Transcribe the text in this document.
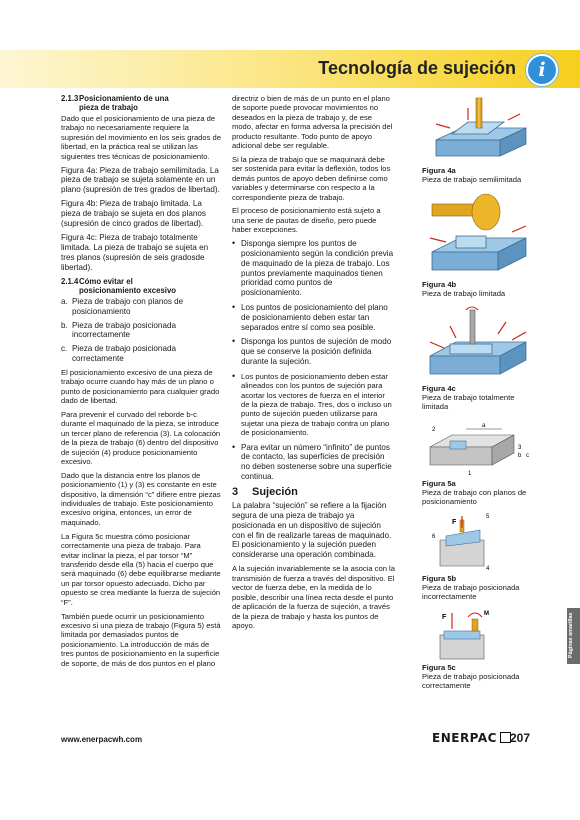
Tecnología de sujeción	i
2.1.3Posicionamiento de una
pieza de trabajo

Dado que el posicionamiento de una pieza de trabajo no necesariamente requiere la supresión del movimiento en los seis grados de libertad, en la práctica real se utilizan las siguientes tres técnicas de posicionamiento.

Figura 4a: Pieza de trabajo semilimitada. La pieza de trabajo se sujeta solamente en un plano (supresión de tres grados de libertad).

Figura 4b: Pieza de trabajo limitada. La pieza de trabajo se sujeta en dos planos (supresión de cinco grados de libertad).

Figura 4c: Pieza de trabajo totalmente limitada. La pieza de trabajo se sujeta en tres planos (supresión de seis gradosde libertad).

2.1.4Cómo evitar el
posicionamiento excesivo
a. Pieza de trabajo con planos de posicionamiento
b. Pieza de trabajo posicionada incorrectamente
c. Pieza de trabajo posicionada correctamente

El posicionamiento excesivo de una pieza de trabajo ocurre cuando hay más de un plano o punto de posicionamiento para cualquier grado dado de libertad.

Para prevenir el curvado del reborde b-c durante el maquinado de la pieza, se introduce un tercer plano de referencia (3). La colocación de la pieza de trabajo (6) dentro del dispositivo de sujeción (4) produce posicionamiento excesivo.

Dado que la distancia entre los planos de posicionamiento (1) y (3) es constante en este dispositivo, la dimensión “c” difiere entre piezas individuales de trabajo. Este posicionamiento excesivo origina, entonces, un error de maquinado.

La Figura 5c muestra cómo posicionar correctamente una pieza de trabajo. Para evitar inclinar la pieza, el par torsor “M” transferido desde ella (5) hacia el cuerpo que será maquinado (6) debe equilibrarse mediante un par torsor opuesto adecuado. Dicho par opuesto se crea mediante la fuerza de sujeción “F”.

También puede ocurrir un posicionamiento excesivo si una pieza de trabajo (Figura 5) está limitada por demasiados puntos de posicionamiento. La introducción de más de tres puntos de posicionamiento en la superficie de soporte, de más de dos puntos en el plano

directriz o bien de más de un punto en el plano de soporte puede provocar movimientos no deseados en la pieza de trabajo y, de ese modo, afectar en forma adversa la precisión del producto resultante. Todo punto de apoyo adicional debe ser regulable.

Si la pieza de trabajo que se maquinará debe ser sostenida para evitar la deflexión, todos los demás puntos de apoyo deben definirse como variables y determinarse con respecto a la correspondiente pieza de trabajo.

El proceso de posicionamiento está sujeto a una serie de pautas de diseño, pero puede haber excepciones.

• Disponga siempre los puntos de posicionamiento según la condición previa de maquinado de la pieza de trabajo. Los puntos previamente maquinados tienen prioridad como puntos de posicionamiento.
• Los puntos de posicionamiento del plano de posicionamiento deben estar tan separados entre sí como sea posible.
• Disponga los puntos de sujeción de modo que se conserve la posición definida durante la sujeción.
• Los puntos de posicionamiento deben estar alineados con los puntos de sujeción para acortar los vectores de fuerza en el interior de la pieza de trabajo. Tres, dos o incluso un punto de sujeción pueden utilizarse para sujetar una pieza de trabajo contra un plano de posicionamiento.
• Para evitar un número “infinito” de puntos de contacto, las superficies de precisión no deben sostenerse sobre una superficie continua.
3 Sujeción

La palabra “sujeción” se refiere a la fijación segura de una pieza de trabajo ya posicionada en un dispositivo de sujeción con el fin de realizarle tareas de maquinado. El posicionamiento y la sujeción pueden considerarse una operación combinada.

A la sujeción invariablemente se la asocia con la transmisión de fuerza a través del dispositivo. El vector de fuerza debe, en la medida de lo posible, describir una línea recta desde el punto de aplicación de la fuerza de sujeción, a través de la pieza de trabajo y hasta los puntos de apoyo.

Figura 4a
Pieza de trabajo semilimitada

Figura 4b
Pieza de trabajo limitada

Figura 4c
Pieza de trabajo totalmente limitada

2
a
3
b c
1

Figura 5a
Pieza de trabajo con planos de posicionamiento

F
5
6
4

Figura 5b
Pieza de trabajo posicionada incorrectamente

F	M

Figura 5c
Pieza de trabajo posicionada correctamente

Páginas amarillas
www.enerpacwh.com	ENERPAC	207
